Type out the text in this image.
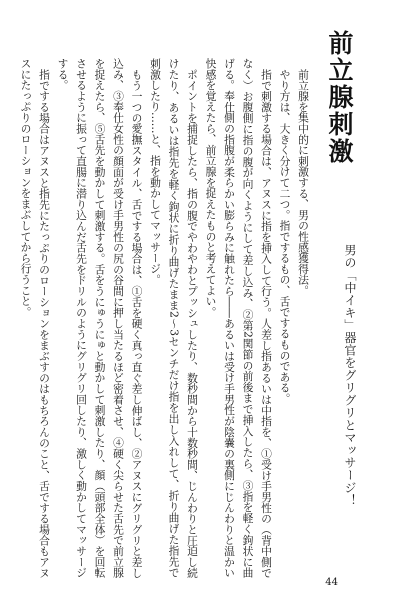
前立腺刺激
男の「中イキ」器官をグリグリとマッサージ！

前立腺を集中的に刺激する、男の性感獲得法。

やり方は、大きく分けて二つ。指でするもの、舌でするものである。

指で刺激する場合は、アヌスに指を挿入して行う。人差し指あるいは中指を、①受け手男性の（背中側でなく）お腹側に指の腹が向くようにして差し込み、②第2関節の前後まで挿入したら、③指を軽く鉤状に曲げる。奉仕側の指腹が柔らかい膨らみに触れたら――あるいは受け手男性が陰嚢の裏側にじんわりと温かい快感を覚えたら、前立腺を捉えたものと考えてよい。

ポイントを捕捉したら、指の腹でやわやわとプッシュしたり、数秒間から十数秒間、じんわりと圧迫し続けたり、あるいは指先を軽く鉤状に折り曲げたまま2～3センチだけ指を出し入れして、折り曲げた指先で刺激したり……と、指を動かしてマッサージ。

もう一つの愛撫スタイル、舌でする場合は、①舌を硬く真っ直ぐ差し伸ばし、②アヌスにグリグリと差し込み、③奉仕女性の顔面が受け手男性の尻の谷間に押し当たるほど密着させ、④硬く尖らせた舌先で前立腺を捉えたら、⑤舌先を動かして刺激する。舌をうにゅうにゅと動かして刺激したり、顔（頭部全体）を回転させるように振って直腸に潜り込んだ舌先をドリルのようにグリグリ回したり、激しく動かしてマッサージする。

指でする場合はアヌスと指先にたっぷりのローションをまぶすのはもちろんのこと、舌でする場合もアヌスにたっぷりのローションをまぶしてから行うこと。

44
